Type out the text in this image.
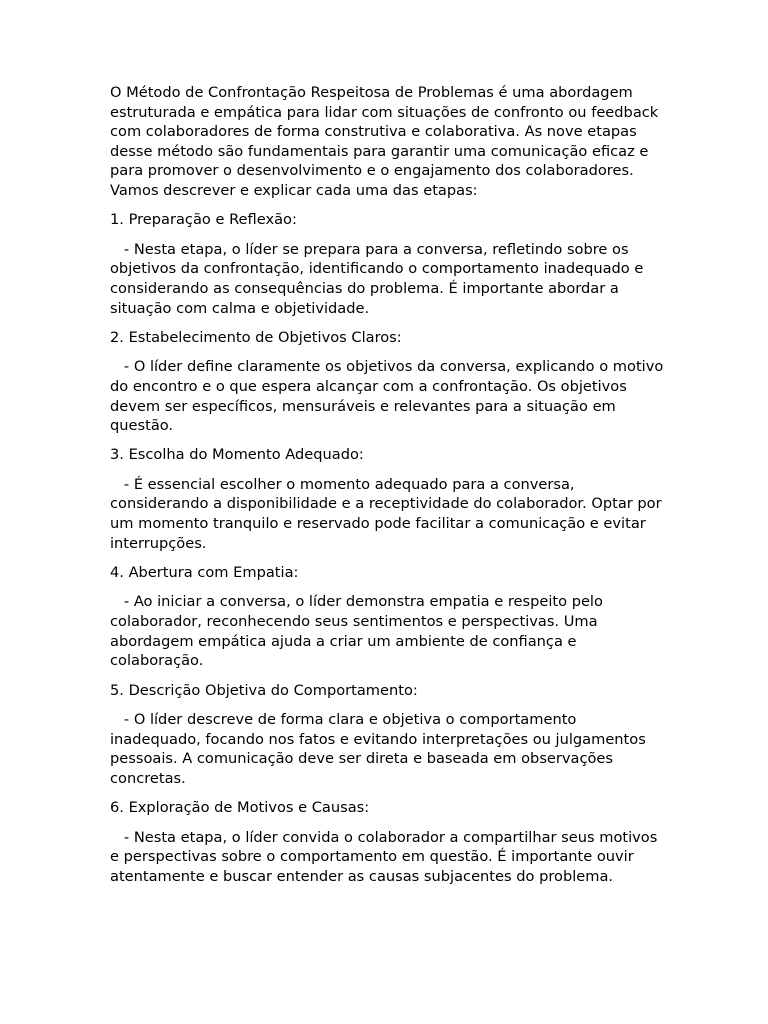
O Método de Confrontação Respeitosa de Problemas é uma abordagem estruturada e empática para lidar com situações de confronto ou feedback com colaboradores de forma construtiva e colaborativa. As nove etapas desse método são fundamentais para garantir uma comunicação eficaz e para promover o desenvolvimento e o engajamento dos colaboradores. Vamos descrever e explicar cada uma das etapas:

1. Preparação e Reflexão:

- Nesta etapa, o líder se prepara para a conversa, refletindo sobre os objetivos da confrontação, identificando o comportamento inadequado e considerando as consequências do problema. É importante abordar a situação com calma e objetividade.

2. Estabelecimento de Objetivos Claros:

- O líder define claramente os objetivos da conversa, explicando o motivo do encontro e o que espera alcançar com a confrontação. Os objetivos devem ser específicos, mensuráveis e relevantes para a situação em questão.

3. Escolha do Momento Adequado:

- É essencial escolher o momento adequado para a conversa, considerando a disponibilidade e a receptividade do colaborador. Optar por um momento tranquilo e reservado pode facilitar a comunicação e evitar interrupções.

4. Abertura com Empatia:

- Ao iniciar a conversa, o líder demonstra empatia e respeito pelo colaborador, reconhecendo seus sentimentos e perspectivas. Uma abordagem empática ajuda a criar um ambiente de confiança e colaboração.

5. Descrição Objetiva do Comportamento:

- O líder descreve de forma clara e objetiva o comportamento inadequado, focando nos fatos e evitando interpretações ou julgamentos pessoais. A comunicação deve ser direta e baseada em observações concretas.

6. Exploração de Motivos e Causas:

- Nesta etapa, o líder convida o colaborador a compartilhar seus motivos e perspectivas sobre o comportamento em questão. É importante ouvir atentamente e buscar entender as causas subjacentes do problema.
